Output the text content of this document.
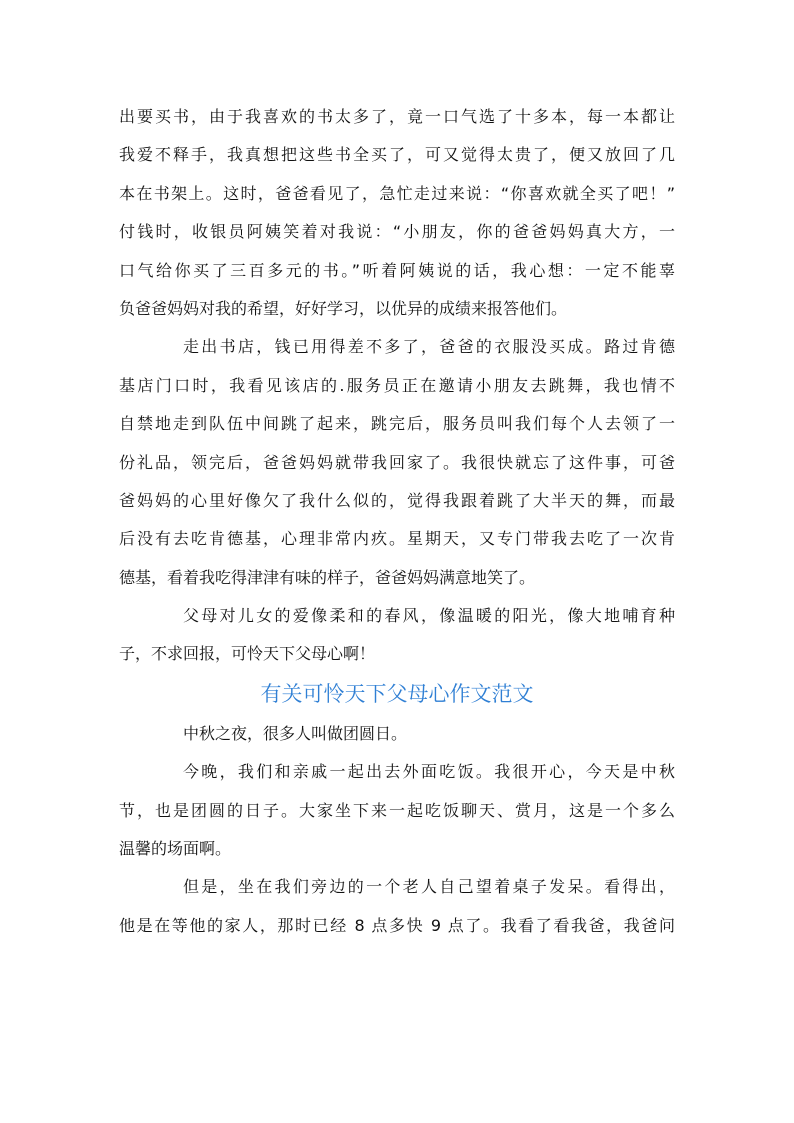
出要买书，由于我喜欢的书太多了，竟一口气选了十多本，每一本都让
我爱不释手，我真想把这些书全买了，可又觉得太贵了，便又放回了几
本在书架上。这时，爸爸看见了，急忙走过来说：“你喜欢就全买了吧！”
付钱时，收银员阿姨笑着对我说：“小朋友，你的爸爸妈妈真大方，一
口气给你买了三百多元的书。”听着阿姨说的话，我心想：一定不能辜
负爸爸妈妈对我的希望，好好学习，以优异的成绩来报答他们。
走出书店，钱已用得差不多了，爸爸的衣服没买成。路过肯德
基店门口时，我看见该店的.服务员正在邀请小朋友去跳舞，我也情不
自禁地走到队伍中间跳了起来，跳完后，服务员叫我们每个人去领了一
份礼品，领完后，爸爸妈妈就带我回家了。我很快就忘了这件事，可爸
爸妈妈的心里好像欠了我什么似的，觉得我跟着跳了大半天的舞，而最
后没有去吃肯德基，心理非常内疚。星期天，又专门带我去吃了一次肯
德基，看着我吃得津津有味的样子，爸爸妈妈满意地笑了。
父母对儿女的爱像柔和的春风，像温暖的阳光，像大地哺育种
子，不求回报，可怜天下父母心啊！
有关可怜天下父母心作文范文
中秋之夜，很多人叫做团圆日。
今晚，我们和亲戚一起出去外面吃饭。我很开心，今天是中秋
节，也是团圆的日子。大家坐下来一起吃饭聊天、赏月，这是一个多么
温馨的场面啊。
但是，坐在我们旁边的一个老人自己望着桌子发呆。看得出，
他是在等他的家人，那时已经 8 点多快 9 点了。我看了看我爸，我爸问
